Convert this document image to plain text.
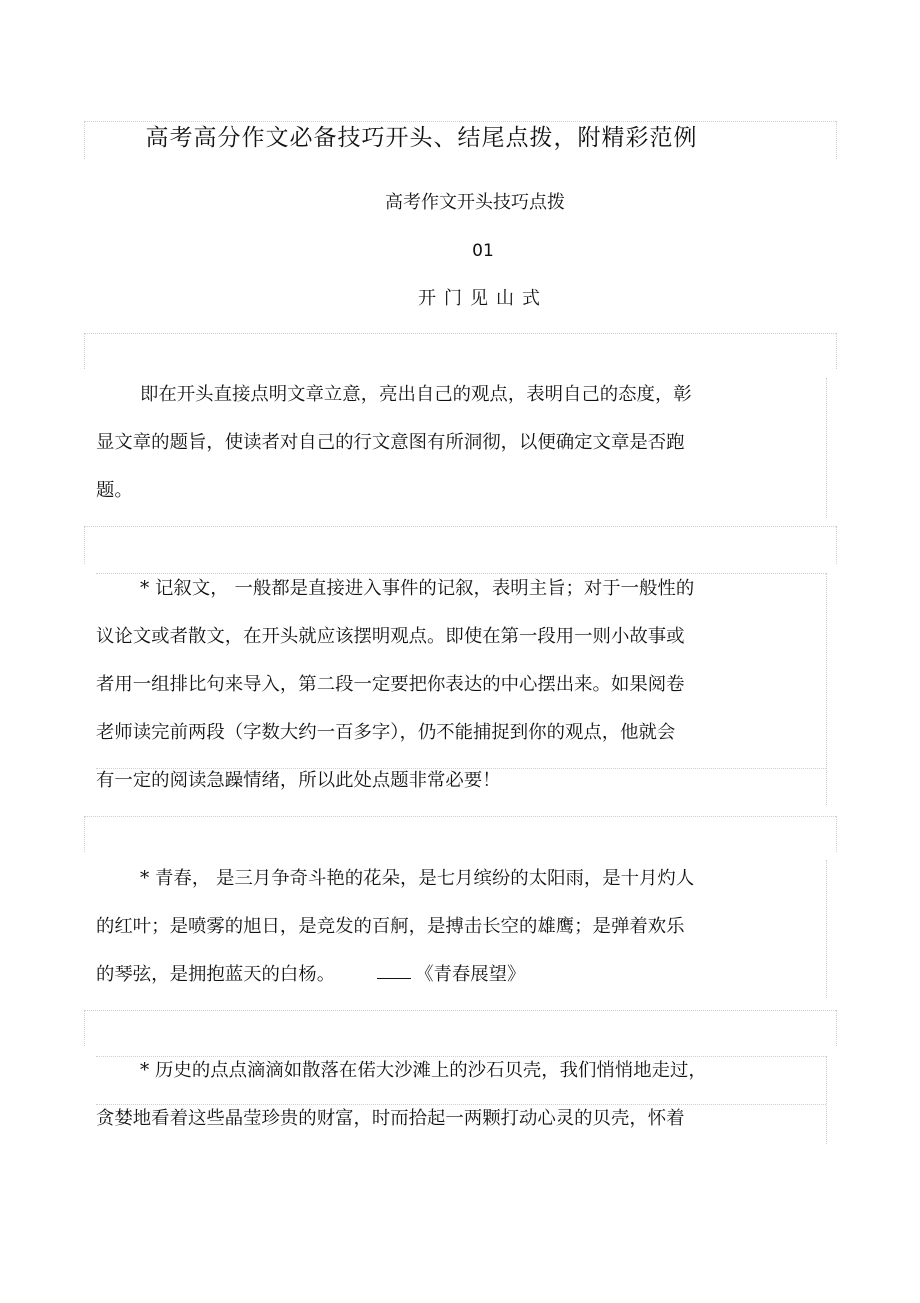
高考高分作文必备技巧开头、结尾点拨，附精彩范例
高考作文开头技巧点拨
01
开门见山式
即在开头直接点明文章立意，亮出自己的观点，表明自己的态度，彰
显文章的题旨，使读者对自己的行文意图有所洞彻，以便确定文章是否跑
题。
* 记叙文， 一般都是直接进入事件的记叙，表明主旨；对于一般性的
议论文或者散文，在开头就应该摆明观点。即使在第一段用一则小故事或
者用一组排比句来导入，第二段一定要把你表达的中心摆出来。如果阅卷
老师读完前两段（字数大约一百多字），仍不能捕捉到你的观点，他就会
有一定的阅读急躁情绪，所以此处点题非常必要！
* 青春， 是三月争奇斗艳的花朵，是七月缤纷的太阳雨，是十月灼人
的红叶；是喷雾的旭日，是竞发的百舸，是搏击长空的雄鹰；是弹着欢乐
的琴弦，是拥抱蓝天的白杨。	《青春展望》
* 历史的点点滴滴如散落在偌大沙滩上的沙石贝壳，我们悄悄地走过，
贪婪地看着这些晶莹珍贵的财富，时而拾起一两颗打动心灵的贝壳，怀着
